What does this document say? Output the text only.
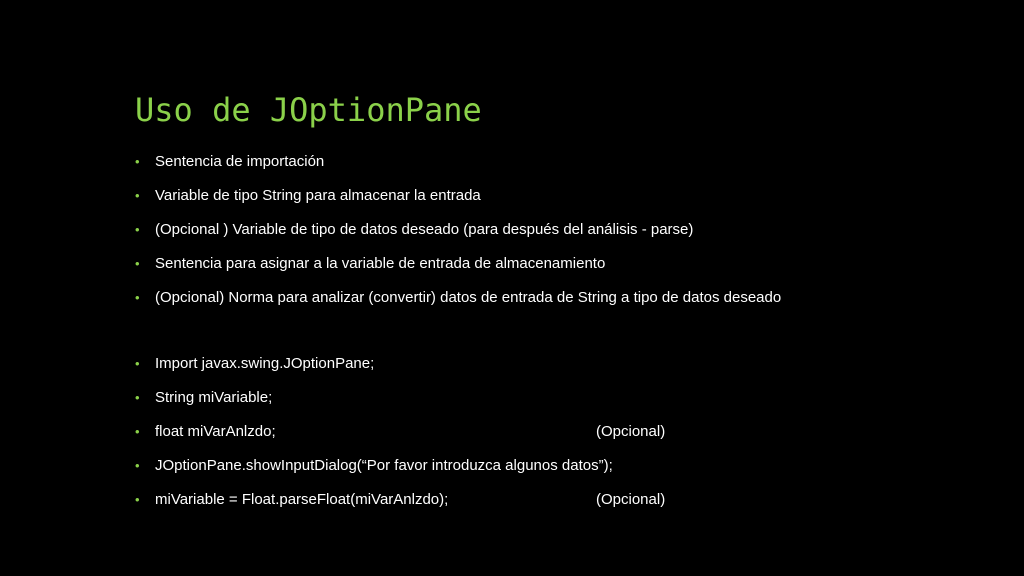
Uso de JOptionPane
• Sentencia de importación
• Variable de tipo String para almacenar la entrada
• (Opcional ) Variable de tipo de datos deseado (para después del análisis - parse)
• Sentencia para asignar a la variable de entrada de almacenamiento
• (Opcional) Norma para analizar (convertir) datos de entrada de String a tipo de datos deseado
• Import javax.swing.JOptionPane;
• String miVariable;
• float miVarAnlzdo;	(Opcional)
• JOptionPane.showInputDialog(“Por favor introduzca algunos datos”);
• miVariable = Float.parseFloat(miVarAnlzdo);	(Opcional)
